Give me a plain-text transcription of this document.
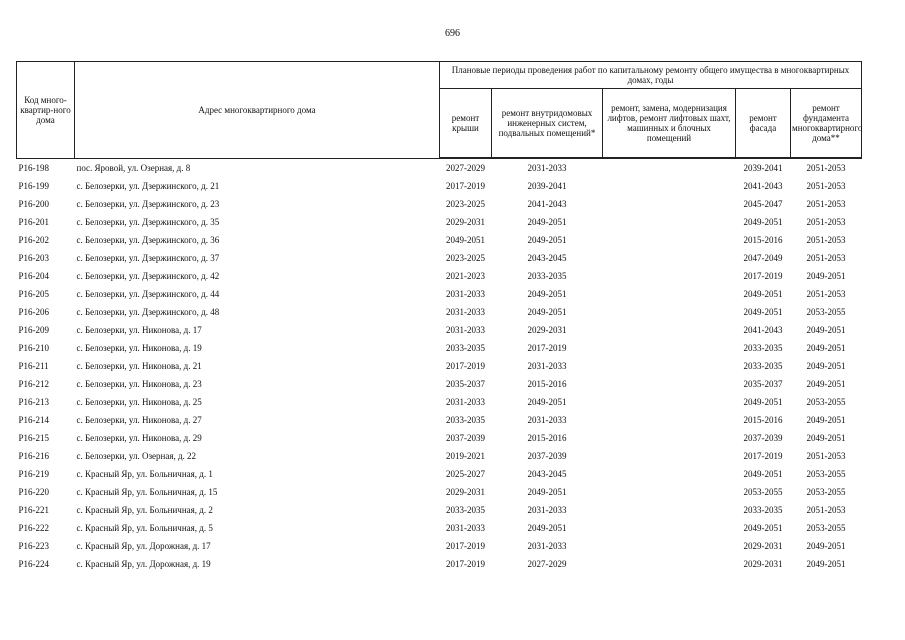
696
Код много-квартир-ного дома	Адрес многоквартирного дома	Плановые периоды проведения работ по капитальному ремонту общего имущества в многоквартирных домах, годы				
		ремонт крыши	ремонт внутридомовых инженерных систем, подвальных помещений*	ремонт, замена, модернизация лифтов, ремонт лифтовых шахт, машинных и блочных помещений	ремонт фасада	ремонт фундамента многоквартирного дома**
Р16-198	пос. Яровой, ул. Озерная, д. 8	2027-2029	2031-2033		2039-2041	2051-2053
Р16-199	с. Белозерки, ул. Дзержинского, д. 21	2017-2019	2039-2041		2041-2043	2051-2053
Р16-200	с. Белозерки, ул. Дзержинского, д. 23	2023-2025	2041-2043		2045-2047	2051-2053
Р16-201	с. Белозерки, ул. Дзержинского, д. 35	2029-2031	2049-2051		2049-2051	2051-2053
Р16-202	с. Белозерки, ул. Дзержинского, д. 36	2049-2051	2049-2051		2015-2016	2051-2053
Р16-203	с. Белозерки, ул. Дзержинского, д. 37	2023-2025	2043-2045		2047-2049	2051-2053
Р16-204	с. Белозерки, ул. Дзержинского, д. 42	2021-2023	2033-2035		2017-2019	2049-2051
Р16-205	с. Белозерки, ул. Дзержинского, д. 44	2031-2033	2049-2051		2049-2051	2051-2053
Р16-206	с. Белозерки, ул. Дзержинского, д. 48	2031-2033	2049-2051		2049-2051	2053-2055
Р16-209	с. Белозерки, ул. Никонова, д. 17	2031-2033	2029-2031		2041-2043	2049-2051
Р16-210	с. Белозерки, ул. Никонова, д. 19	2033-2035	2017-2019		2033-2035	2049-2051
Р16-211	с. Белозерки, ул. Никонова, д. 21	2017-2019	2031-2033		2033-2035	2049-2051
Р16-212	с. Белозерки, ул. Никонова, д. 23	2035-2037	2015-2016		2035-2037	2049-2051
Р16-213	с. Белозерки, ул. Никонова, д. 25	2031-2033	2049-2051		2049-2051	2053-2055
Р16-214	с. Белозерки, ул. Никонова, д. 27	2033-2035	2031-2033		2015-2016	2049-2051
Р16-215	с. Белозерки, ул. Никонова, д. 29	2037-2039	2015-2016		2037-2039	2049-2051
Р16-216	с. Белозерки, ул. Озерная, д. 22	2019-2021	2037-2039		2017-2019	2051-2053
Р16-219	с. Красный Яр, ул. Больничная, д. 1	2025-2027	2043-2045		2049-2051	2053-2055
Р16-220	с. Красный Яр, ул. Больничная, д. 15	2029-2031	2049-2051		2053-2055	2053-2055
Р16-221	с. Красный Яр, ул. Больничная, д. 2	2033-2035	2031-2033		2033-2035	2051-2053
Р16-222	с. Красный Яр, ул. Больничная, д. 5	2031-2033	2049-2051		2049-2051	2053-2055
Р16-223	с. Красный Яр, ул. Дорожная, д. 17	2017-2019	2031-2033		2029-2031	2049-2051
Р16-224	с. Красный Яр, ул. Дорожная, д. 19	2017-2019	2027-2029		2029-2031	2049-2051
